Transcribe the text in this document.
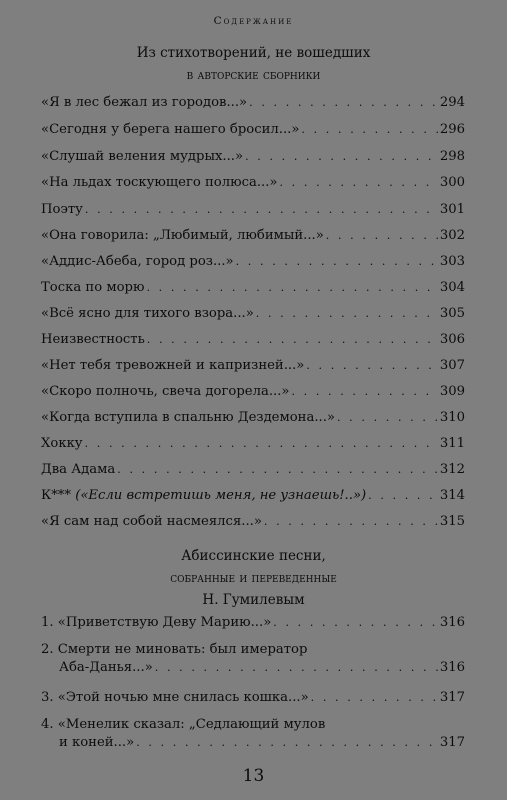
Содержание
Из стихотворений, не вошедших
в авторские сборники
«Я в лес бежал из городов...» . . .	294
«Сегодня у берега нашего бросил...» . . .	296
«Слушай веления мудрых...» . . .	298
«На льдах тоскующего полюса...» . . .	300
Поэту . . .	301
«Она говорила: „Любимый, любимый...» . . .	302
«Аддис-Абеба, город роз...» . . .	303
Тоска по морю . . .	304
«Всё ясно для тихого взора...» . . .	305
Неизвестность . . .	306
«Нет тебя тревожней и капризней...» . . .	307
«Скоро полночь, свеча догорела...» . . .	309
«Когда вступила в спальню Дездемона...» . . .	310
Хокку . . .	311
Два Адама . . .	312
К*** («Если встретишь меня, не узнаешь!..») . . .	314
«Я сам над собой насмеялся...» . . .	315
Абиссинские песни,
собранные и переведенные
Н. Гумилевым
1. «Приветствую Деву Марию...» . . .	316
2. Смерти не миновать: был имератор
Аба-Данья...» . . .	316
3. «Этой ночью мне снилась кошка...» . . .	317
4. «Менелик сказал: „Седлающий мулов
и коней...» . . .	317
13
